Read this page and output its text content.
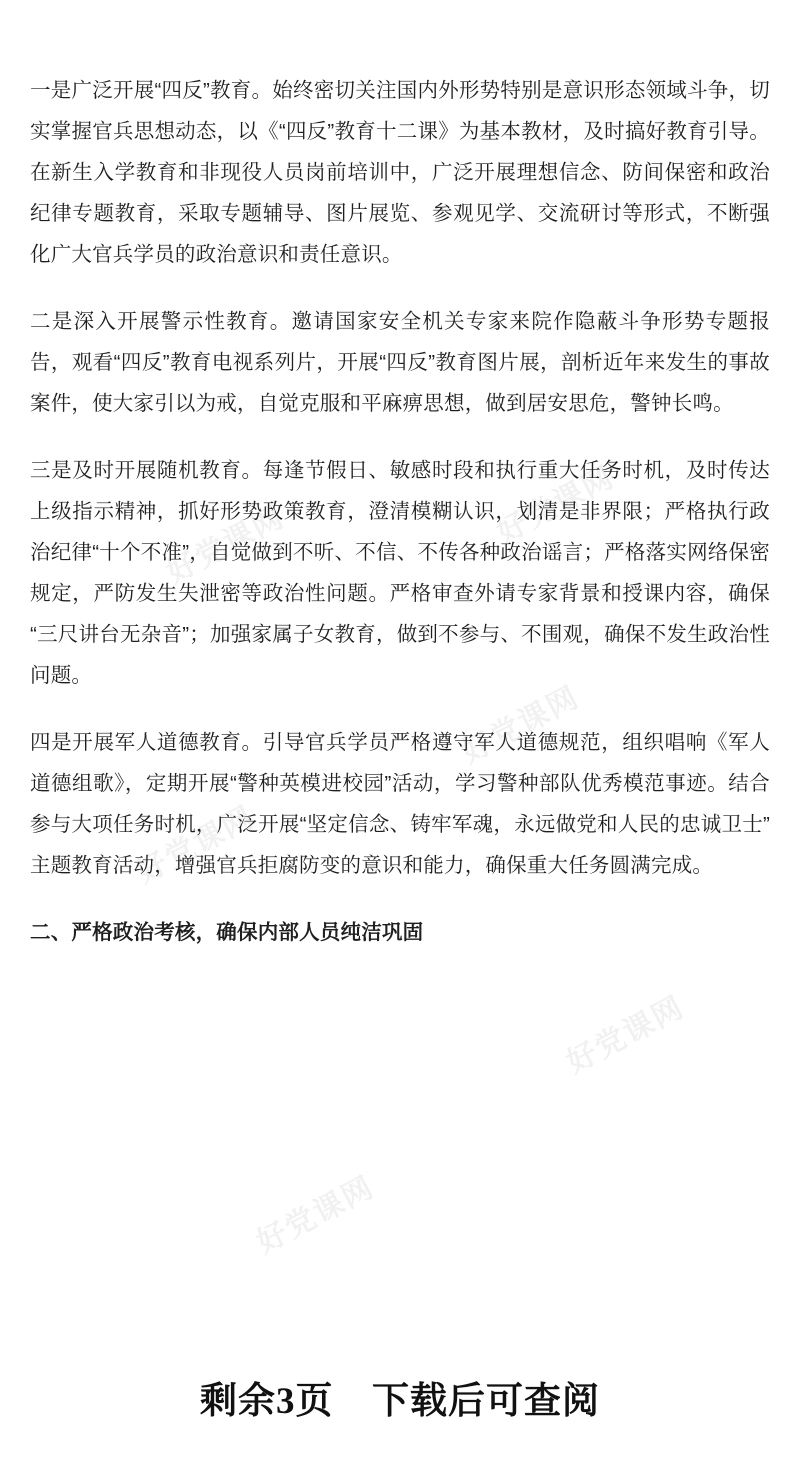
好党课网	好党课网
好党课网
好党课网
好党课网
好党课网

一是广泛开展“四反”教育。始终密切关注国内外形势特别是意识形态领域斗争，切实掌握官兵思想动态，以《“四反”教育十二课》为基本教材，及时搞好教育引导。在新生入学教育和非现役人员岗前培训中，广泛开展理想信念、防间保密和政治纪律专题教育，采取专题辅导、图片展览、参观见学、交流研讨等形式，不断强化广大官兵学员的政治意识和责任意识。

二是深入开展警示性教育。邀请国家安全机关专家来院作隐蔽斗争形势专题报告，观看“四反”教育电视系列片，开展“四反”教育图片展，剖析近年来发生的事故案件，使大家引以为戒，自觉克服和平麻痹思想，做到居安思危，警钟长鸣。

三是及时开展随机教育。每逢节假日、敏感时段和执行重大任务时机，及时传达上级指示精神，抓好形势政策教育，澄清模糊认识，划清是非界限；严格执行政治纪律“十个不准”，自觉做到不听、不信、不传各种政治谣言；严格落实网络保密规定，严防发生失泄密等政治性问题。严格审查外请专家背景和授课内容，确保“三尺讲台无杂音”；加强家属子女教育，做到不参与、不围观，确保不发生政治性问题。

四是开展军人道德教育。引导官兵学员严格遵守军人道德规范，组织唱响《军人道德组歌》，定期开展“警种英模进校园”活动，学习警种部队优秀模范事迹。结合参与大项任务时机，广泛开展“坚定信念、铸牢军魂，永远做党和人民的忠诚卫士”主题教育活动，增强官兵拒腐防变的意识和能力，确保重大任务圆满完成。

二、严格政治考核，确保内部人员纯洁巩固

剩余3页 下载后可查阅
